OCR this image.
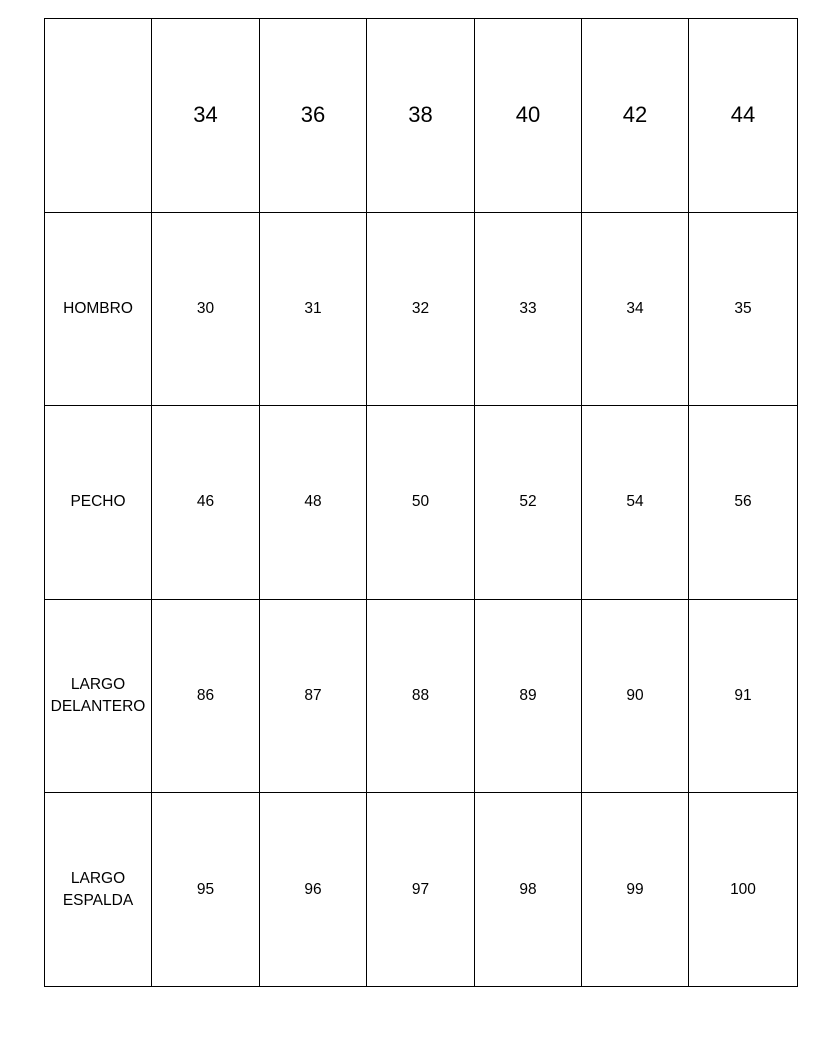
	34	36	38	40	42	44
HOMBRO	30	31	32	33	34	35
PECHO	46	48	50	52	54	56
LARGO
DELANTERO	86	87	88	89	90	91
LARGO
ESPALDA	95	96	97	98	99	100
